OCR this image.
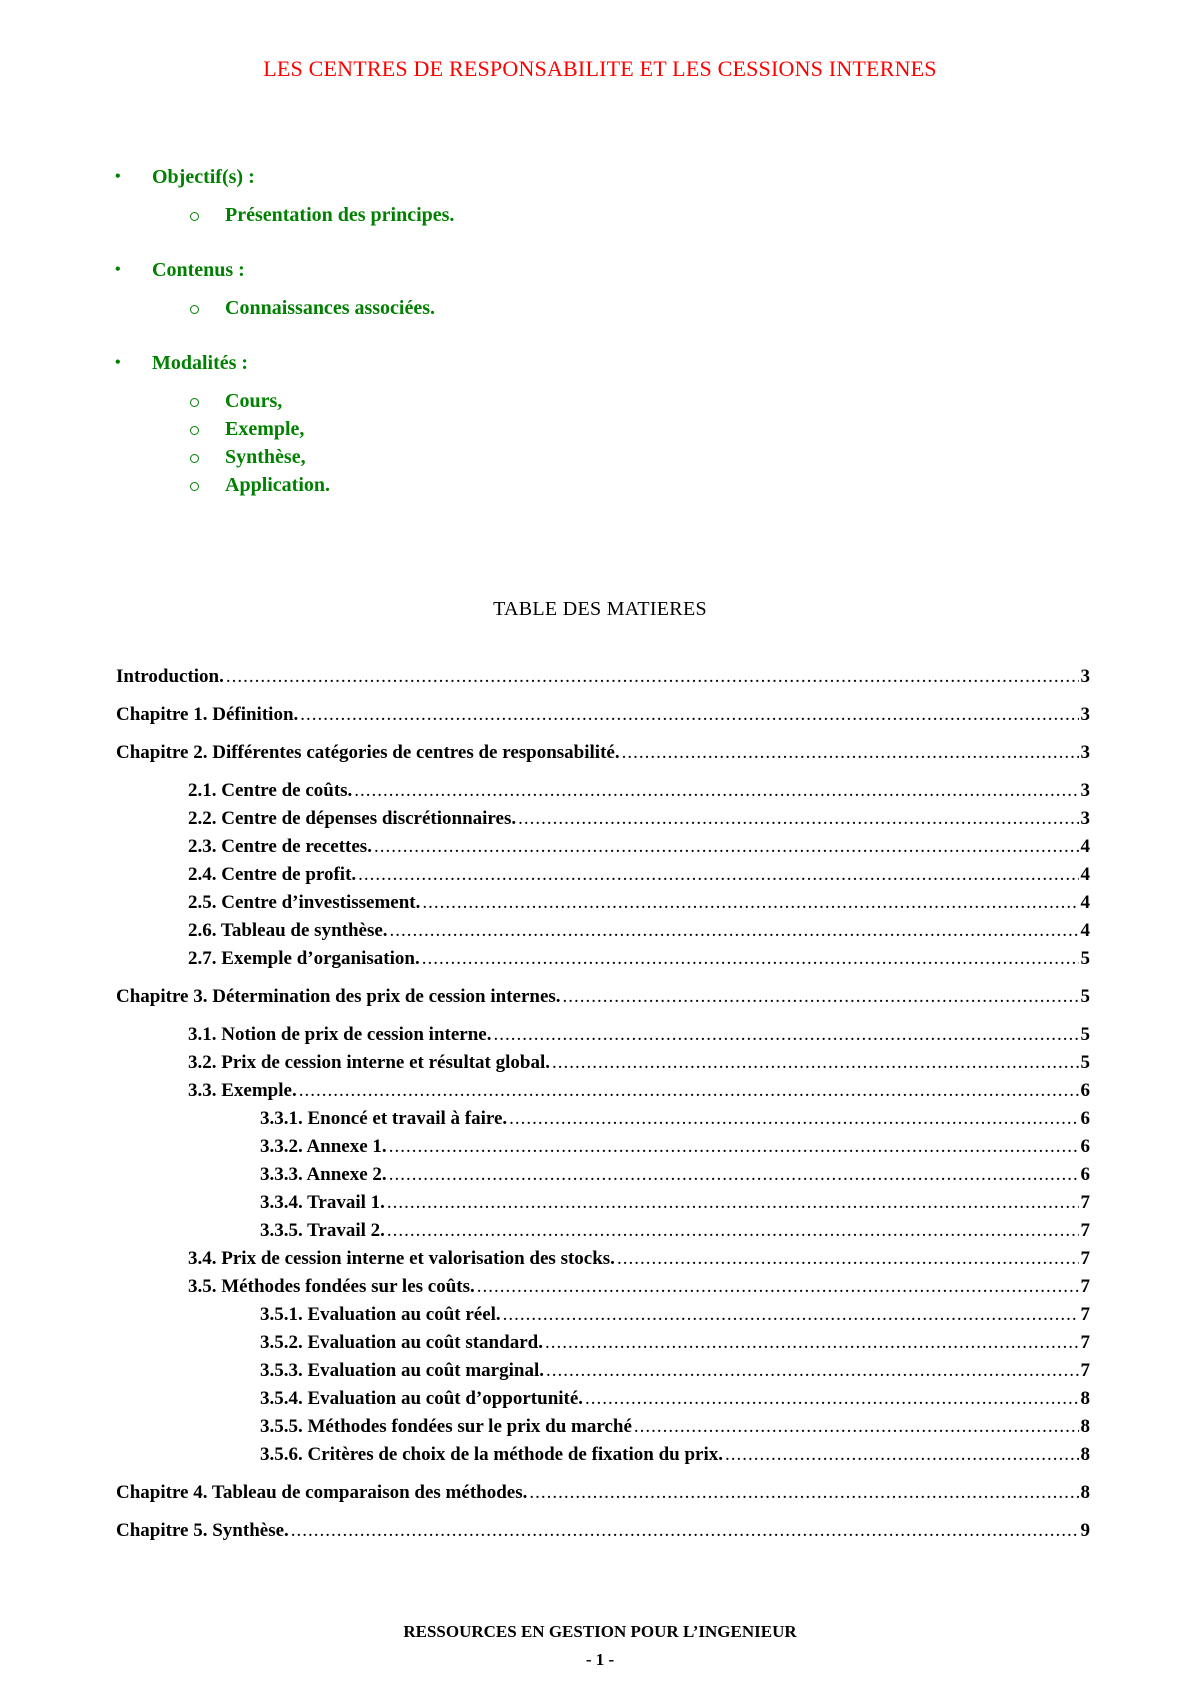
LES CENTRES DE RESPONSABILITE ET LES CESSIONS INTERNES
• Objectif(s) :
Présentation des principes.
• Contenus :
Connaissances associées.
• Modalités :
Cours,
Exemple,
Synthèse,
Application.
TABLE DES MATIERES
Introduction. .....	3
Chapitre 1. Définition. .....	3
Chapitre 2. Différentes catégories de centres de responsabilité. .....	3
2.1. Centre de coûts. .....	3
2.2. Centre de dépenses discrétionnaires. .....	3
2.3. Centre de recettes. .....	4
2.4. Centre de profit. .....	4
2.5. Centre d’investissement. .....	4
2.6. Tableau de synthèse. .....	4
2.7. Exemple d’organisation. .....	5
Chapitre 3. Détermination des prix de cession internes. .....	5
3.1. Notion de prix de cession interne. .....	5
3.2. Prix de cession interne et résultat global. .....	5
3.3. Exemple. .....	6
3.3.1. Enoncé et travail à faire. .....	6
3.3.2. Annexe 1. .....	6
3.3.3. Annexe 2. .....	6
3.3.4. Travail 1. .....	7
3.3.5. Travail 2. .....	7
3.4. Prix de cession interne et valorisation des stocks. .....	7
3.5. Méthodes fondées sur les coûts. .....	7
3.5.1. Evaluation au coût réel. .....	7
3.5.2. Evaluation au coût standard. .....	7
3.5.3. Evaluation au coût marginal. .....	7
3.5.4. Evaluation au coût d’opportunité. .....	8
3.5.5. Méthodes fondées sur le prix du marché .....	8
3.5.6. Critères de choix de la méthode de fixation du prix. .....	8
Chapitre 4. Tableau de comparaison des méthodes. .....	8
Chapitre 5. Synthèse. .....	9
RESSOURCES EN GESTION POUR L’INGENIEUR
- 1 -
